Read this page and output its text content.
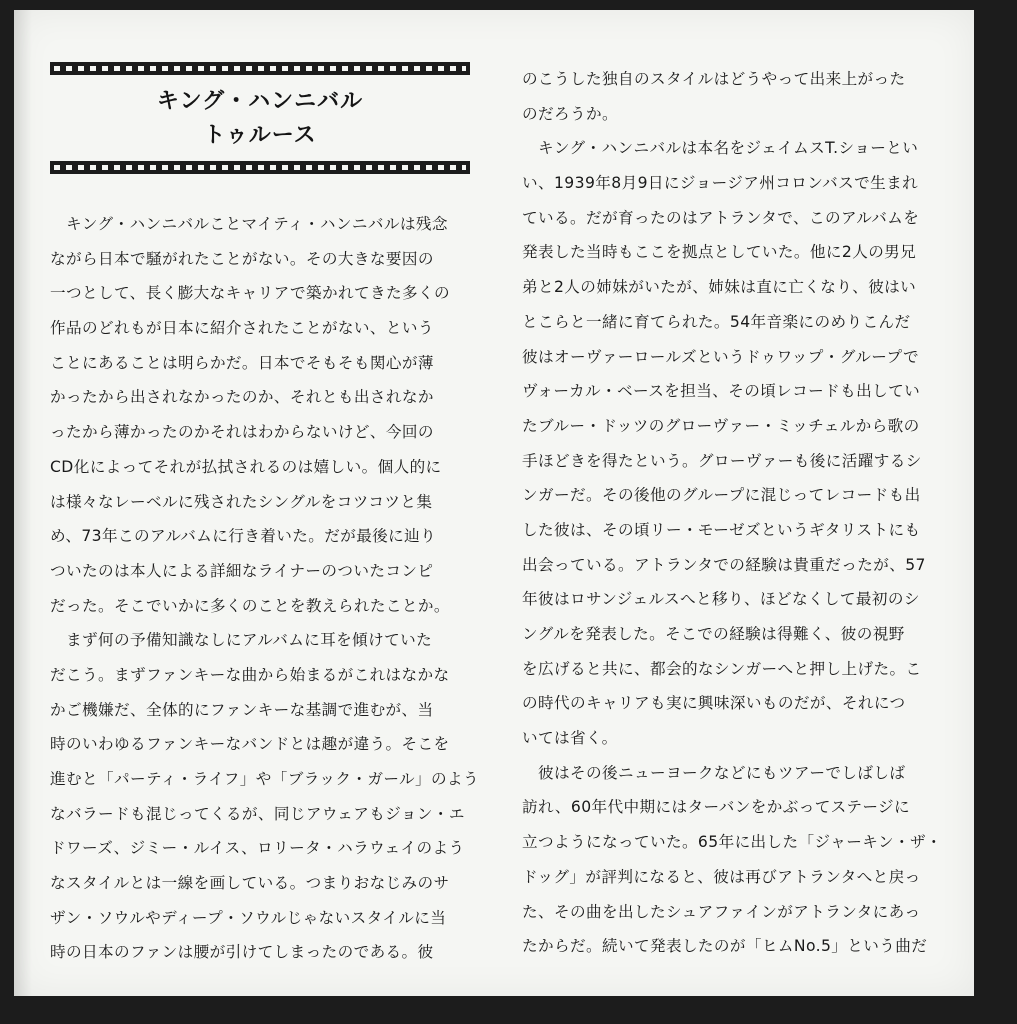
キング・ハンニバル
トゥルース
　キング・ハンニバルことマイティ・ハンニバルは残念
ながら日本で騒がれたことがない。その大きな要因の
一つとして、長く膨大なキャリアで築かれてきた多くの
作品のどれもが日本に紹介されたことがない、という
ことにあることは明らかだ。日本でそもそも関心が薄
かったから出されなかったのか、それとも出されなか
ったから薄かったのかそれはわからないけど、今回の
CD化によってそれが払拭されるのは嬉しい。個人的に
は様々なレーベルに残されたシングルをコツコツと集
め、73年このアルバムに行き着いた。だが最後に辿り
ついたのは本人による詳細なライナーのついたコンピ
だった。そこでいかに多くのことを教えられたことか。
　まず何の予備知識なしにアルバムに耳を傾けていた
だこう。まずファンキーな曲から始まるがこれはなかな
かご機嫌だ、全体的にファンキーな基調で進むが、当
時のいわゆるファンキーなバンドとは趣が違う。そこを
進むと「パーティ・ライフ」や「ブラック・ガール」のよう
なバラードも混じってくるが、同じアウェアもジョン・エ
ドワーズ、ジミー・ルイス、ロリータ・ハラウェイのよう
なスタイルとは一線を画している。つまりおなじみのサ
ザン・ソウルやディープ・ソウルじゃないスタイルに当
時の日本のファンは腰が引けてしまったのである。彼
のこうした独自のスタイルはどうやって出来上がった
のだろうか。
　キング・ハンニバルは本名をジェイムスT.ショーとい
い、1939年8月9日にジョージア州コロンバスで生まれ
ている。だが育ったのはアトランタで、このアルバムを
発表した当時もここを拠点としていた。他に2人の男兄
弟と2人の姉妹がいたが、姉妹は直に亡くなり、彼はい
とこらと一緒に育てられた。54年音楽にのめりこんだ
彼はオーヴァーロールズというドゥワップ・グループで
ヴォーカル・ベースを担当、その頃レコードも出してい
たブルー・ドッツのグローヴァー・ミッチェルから歌の
手ほどきを得たという。グローヴァーも後に活躍するシ
ンガーだ。その後他のグループに混じってレコードも出
した彼は、その頃リー・モーゼズというギタリストにも
出会っている。アトランタでの経験は貴重だったが、57
年彼はロサンジェルスへと移り、ほどなくして最初のシ
ングルを発表した。そこでの経験は得難く、彼の視野
を広げると共に、都会的なシンガーへと押し上げた。こ
の時代のキャリアも実に興味深いものだが、それにつ
いては省く。
　彼はその後ニューヨークなどにもツアーでしばしば
訪れ、60年代中期にはターバンをかぶってステージに
立つようになっていた。65年に出した「ジャーキン・ザ・
ドッグ」が評判になると、彼は再びアトランタへと戻っ
た、その曲を出したシュアファインがアトランタにあっ
たからだ。続いて発表したのが「ヒムNo.5」という曲だ
